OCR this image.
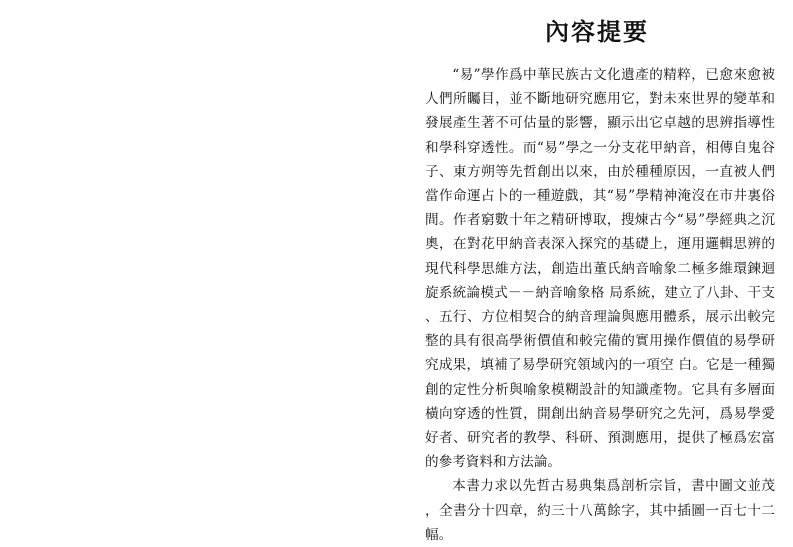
內容提要

“易”學作爲中華民族古文化遺產的精粹，已愈來愈被人們所矚目，並不斷地研究應用它，對未來世界的變革和發展產生著不可估量的影響，顯示出它卓越的思辨指導性和學科穿透性。而“易”學之一分支花甲納音，相傳自鬼谷子、東方朔等先哲創出以來，由於種種原因，一直被人們當作命運占卜的一種遊戲，其“易”學精神淹沒在市井裏俗間。作者窮數十年之精研博取，搜煉古今“易”學經典之沉奧，在對花甲納音表深入探究的基礎上，運用邏輯思辨的現代科學思維方法，創造出董氏納音喻象二極多維環鍊迴旋系統論模式－－納音喻象格 局系統，建立了八卦、干支、五行、方位相契合的納音理論與應用體系，展示出較完整的具有很高學術價值和較完備的實用操作價值的易學研究成果，填補了易學研究領域內的一項空 白。它是一種獨創的定性分析與喻象模糊設計的知識產物。它具有多層面橫向穿透的性質，開創出納音易學研究之先河，爲易學愛好者、研究者的教學、科研、預測應用，提供了極爲宏富的參考資料和方法論。

本書力求以先哲古易典集爲剖析宗旨，書中圖文並茂，全書分十四章，約三十八萬餘字，其中插圖一百七十二幅。
